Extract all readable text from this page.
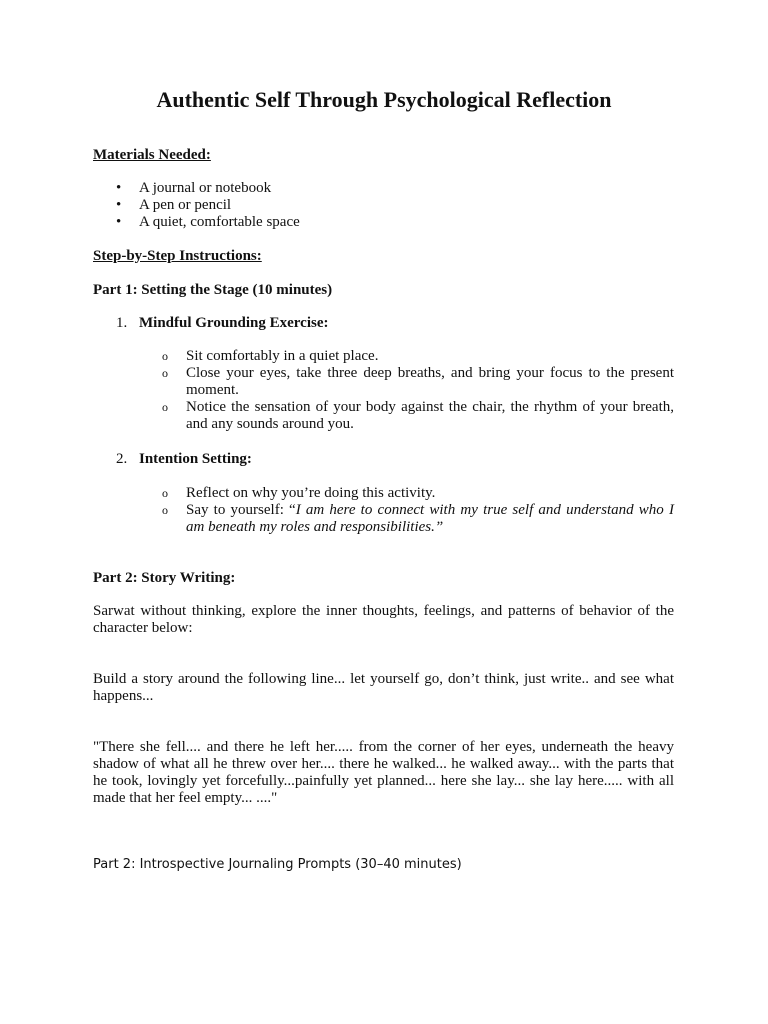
Authentic Self Through Psychological Reflection
Materials Needed:
•	A journal or notebook
•	A pen or pencil
•	A quiet, comfortable space
Step-by-Step Instructions:
Part 1: Setting the Stage (10 minutes)
1. Mindful Grounding Exercise:
o	Sit comfortably in a quiet place.
o	Close your eyes, take three deep breaths, and bring your focus to the present moment.
o	Notice the sensation of your body against the chair, the rhythm of your breath, and any sounds around you.
2. Intention Setting:
o	Reflect on why you’re doing this activity.
o	Say to yourself: “I am here to connect with my true self and understand who I am beneath my roles and responsibilities.”
Part 2: Story Writing:
Sarwat without thinking, explore the inner thoughts, feelings, and patterns of behavior of the character below:
Build a story around the following line... let yourself go, don’t think, just write.. and see what happens...
"There she fell.... and there he left her..... from the corner of her eyes, underneath the heavy shadow of what all he threw over her.... there he walked... he walked away... with the parts that he took, lovingly yet forcefully...painfully yet planned... here she lay... she lay here..... with all made that her feel empty... ...."
Part 2: Introspective Journaling Prompts (30–40 minutes)
